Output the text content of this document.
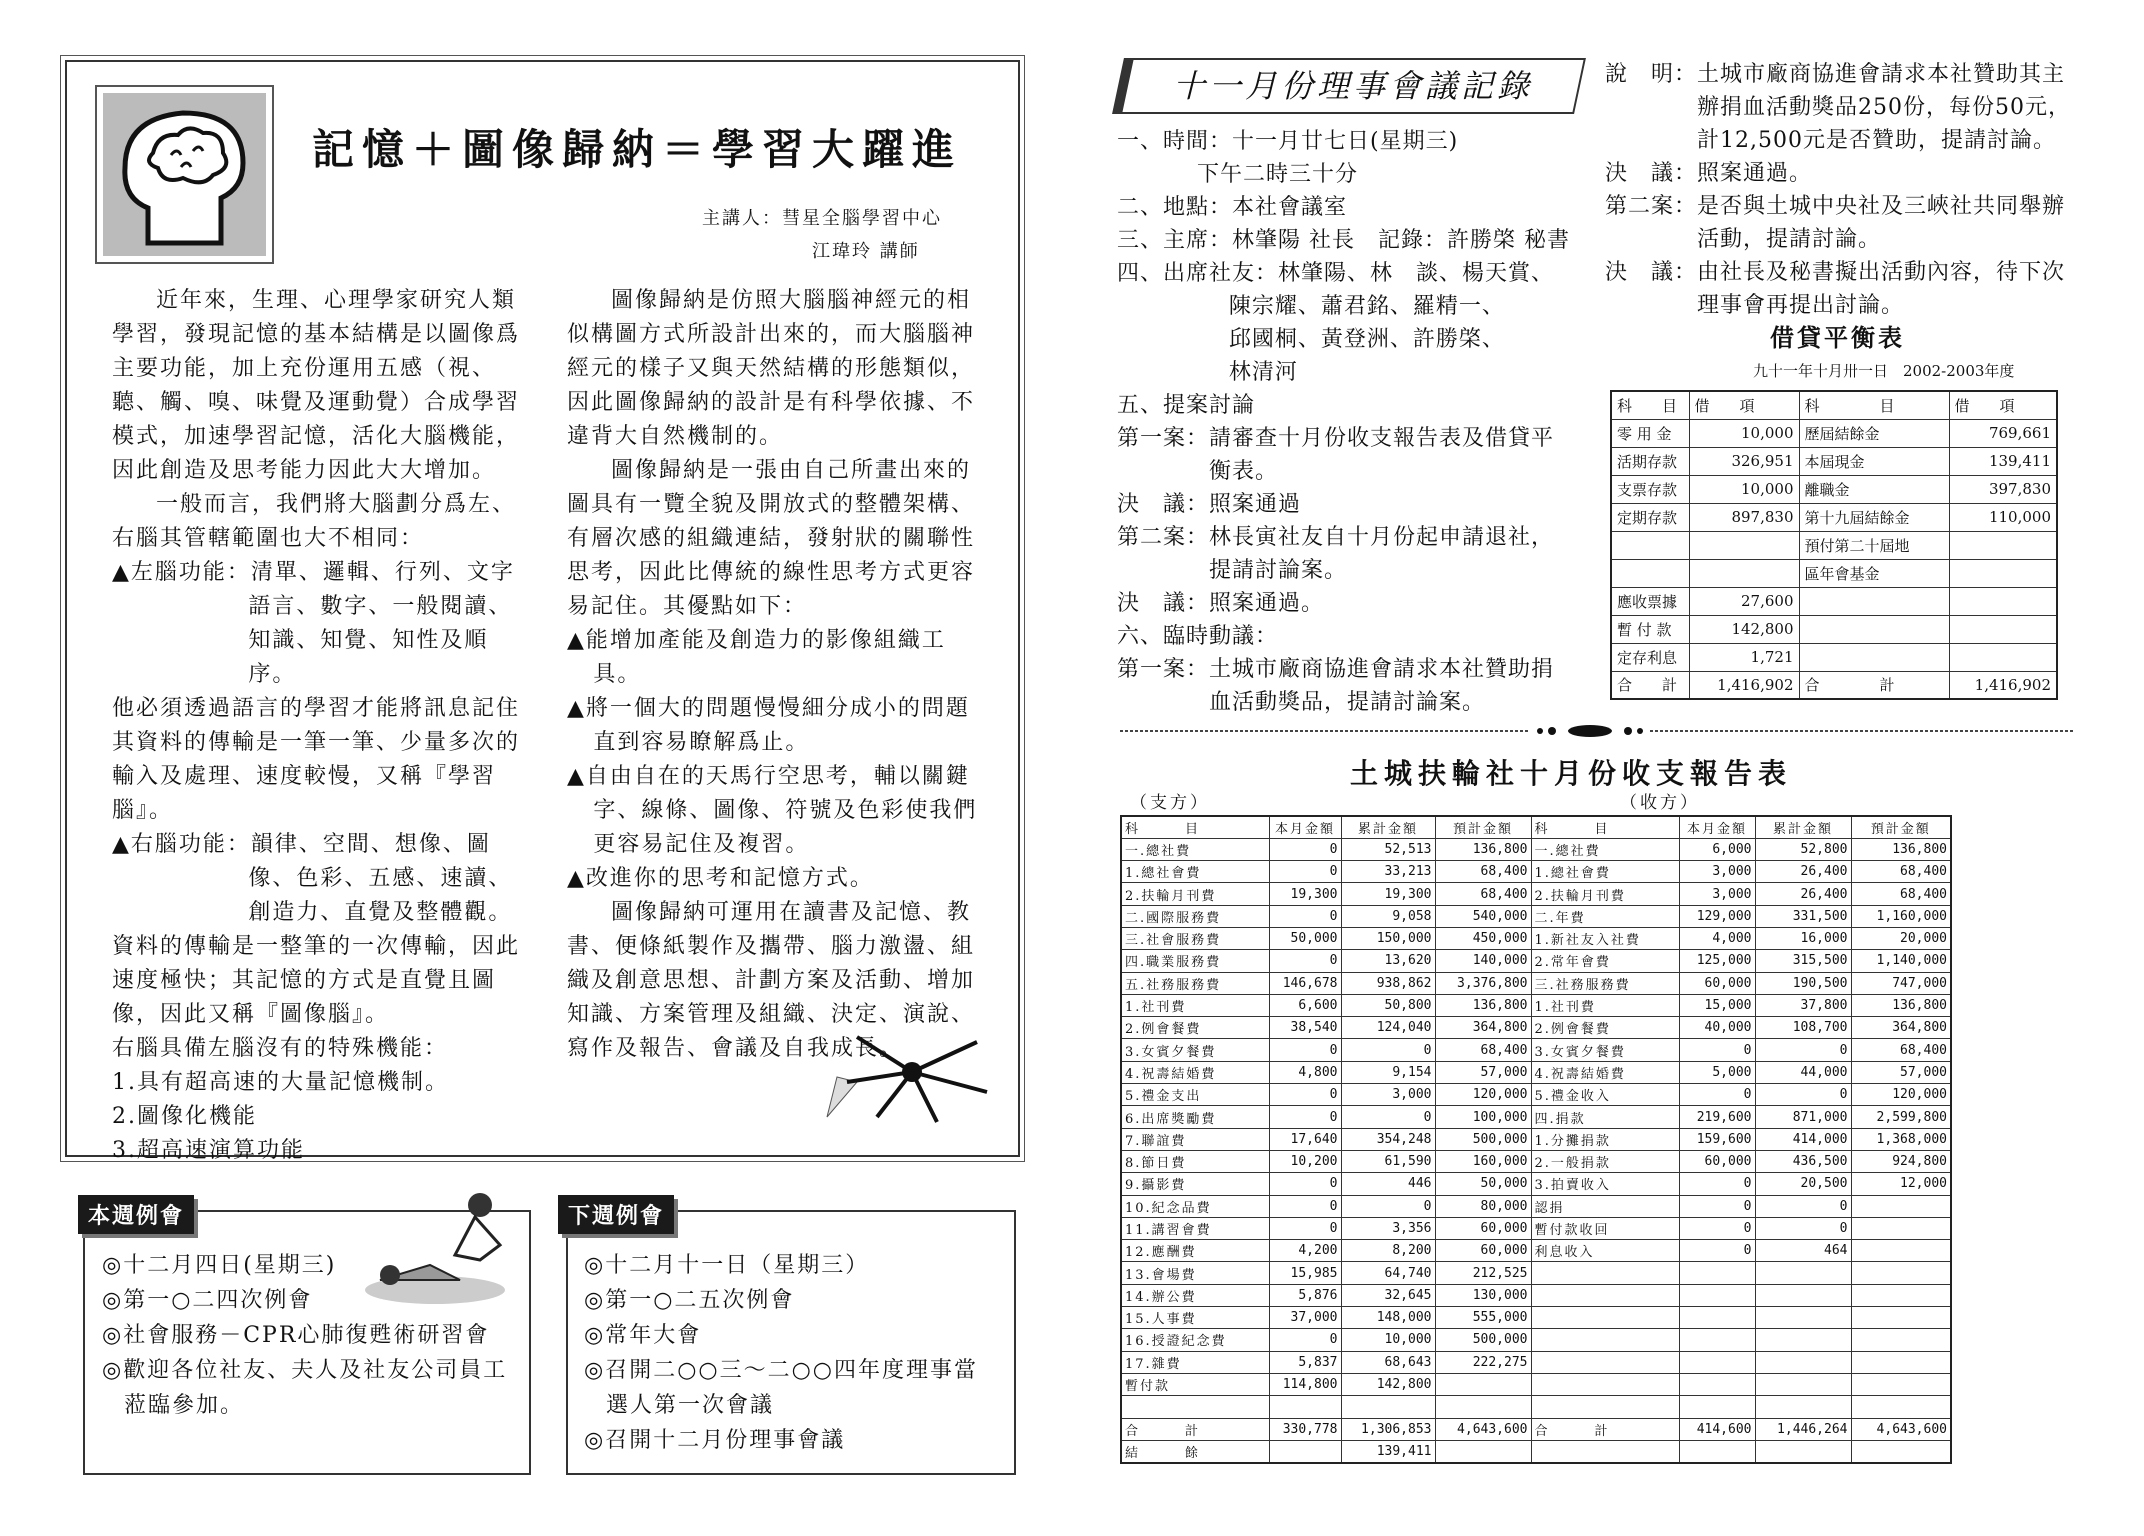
記憶＋圖像歸納＝學習大躍進
主講人：彗星全腦學習中心
江瑋玲 講師

近年來，生理、心理學家研究人類學習，發現記憶的基本結構是以圖像爲主要功能，加上充份運用五感（視、聽、觸、嗅、味覺及運動覺）合成學習模式，加速學習記憶，活化大腦機能，因此創造及思考能力因此大大增加。

一般而言，我們將大腦劃分爲左、右腦其管轄範圍也大不相同：

▲左腦功能：清單、邏輯、行列、文字語言、數字、一般閱讀、知識、知覺、知性及順序。

他必須透過語言的學習才能將訊息記住其資料的傳輸是一筆一筆、少量多次的輸入及處理、速度較慢，又稱『學習腦』。

▲右腦功能：韻律、空間、想像、圖像、色彩、五感、速讀、創造力、直覺及整體觀。

資料的傳輸是一整筆的一次傳輸，因此速度極快；其記憶的方式是直覺且圖像，因此又稱『圖像腦』。

右腦具備左腦沒有的特殊機能：

1.具有超高速的大量記憶機制。

2.圖像化機能

3.超高速演算功能

圖像歸納是仿照大腦腦神經元的相似構圖方式所設計出來的，而大腦腦神經元的樣子又與天然結構的形態類似，因此圖像歸納的設計是有科學依據、不違背大自然機制的。

圖像歸納是一張由自己所畫出來的圖具有一覽全貌及開放式的整體架構、有層次感的組織連結，發射狀的關聯性思考，因此比傳統的線性思考方式更容易記住。其優點如下：

▲能增加產能及創造力的影像組織工具。

▲將一個大的問題慢慢細分成小的問題直到容易瞭解爲止。

▲自由自在的天馬行空思考，輔以關鍵字、線條、圖像、符號及色彩使我們更容易記住及複習。

▲改進你的思考和記憶方式。

圖像歸納可運用在讀書及記憶、教書、便條紙製作及攜帶、腦力激盪、組織及創意思想、計劃方案及活動、增加知識、方案管理及組織、決定、演說、寫作及報告、會議及自我成長。

本週例會
◎十二月四日(星期三)
◎第一○二四次例會
◎社會服務－CPR心肺復甦術研習會
◎歡迎各位社友、夫人及社友公司員工
蒞臨參加。
下週例會
◎十二月十一日（星期三）
◎第一○二五次例會
◎常年大會
◎召開二○○三～二○○四年度理事當
選人第一次會議
◎召開十二月份理事會議
十一月份理事會議記錄
一、時間： 十一月廿七日(星期三)

下午二時三十分
二、地點： 本社會議室
三、主席： 林肇陽 社長　記錄：許勝棨 秘書
四、出席社友： 林肇陽、林　談、楊天賞、

陳宗耀、蕭君銘、羅精一、

邱國桐、黃登洲、許勝棨、

林清河
五、提案討論
第一案： 請審查十月份收支報告表及借貸平衡表。
決　議： 照案通過
第二案： 林長寅社友自十月份起申請退社，提請討論案。
決　議： 照案通過。
六、臨時動議：
第一案： 土城市廠商協進會請求本社贊助捐血活動獎品，提請討論案。
說　明： 土城市廠商協進會請求本社贊助其主辦捐血活動獎品250份，每份50元，計12,500元是否贊助，提請討論。
決　議： 照案通過。
第二案： 是否與土城中央社及三峽社共同舉辦活動，提請討論。
決　議： 由社長及秘書擬出活動內容，待下次理事會再提出討論。
借貸平衡表
九十一年十月卅一日　2002-2003年度
科　　目	借　　項	科　　　　目	借　　項
零 用 金	10,000	歷屆結餘金	769,661
活期存款	326,951	本屆現金	139,411
支票存款	10,000	離職金	397,830
定期存款	897,830	第十九屆結餘金	110,000
		預付第二十屆地	
		區年會基金	
應收票據	27,600		
暫 付 款	142,800		
定存利息	1,721		
合　　計	1,416,902	合　　　　計	1,416,902
土城扶輪社十月份收支報告表
（支方）	（收方）
科　　　目	本月金額	累計金額	預計金額	科　　　目	本月金額	累計金額	預計金額
一.總社費	0	52,513	136,800	一.總社費	6,000	52,800	136,800
1.總社會費	0	33,213	68,400	1.總社會費	3,000	26,400	68,400
2.扶輪月刊費	19,300	19,300	68,400	2.扶輪月刊費	3,000	26,400	68,400
二.國際服務費	0	9,058	540,000	二.年費	129,000	331,500	1,160,000
三.社會服務費	50,000	150,000	450,000	1.新社友入社費	4,000	16,000	20,000
四.職業服務費	0	13,620	140,000	2.常年會費	125,000	315,500	1,140,000
五.社務服務費	146,678	938,862	3,376,800	三.社務服務費	60,000	190,500	747,000
1.社刊費	6,600	50,800	136,800	1.社刊費	15,000	37,800	136,800
2.例會餐費	38,540	124,040	364,800	2.例會餐費	40,000	108,700	364,800
3.女賓夕餐費	0	0	68,400	3.女賓夕餐費	0	0	68,400
4.祝壽結婚費	4,800	9,154	57,000	4.祝壽結婚費	5,000	44,000	57,000
5.禮金支出	0	3,000	120,000	5.禮金收入	0	0	120,000
6.出席獎勵費	0	0	100,000	四.捐款	219,600	871,000	2,599,800
7.聯誼費	17,640	354,248	500,000	1.分攤捐款	159,600	414,000	1,368,000
8.節日費	10,200	61,590	160,000	2.一般捐款	60,000	436,500	924,800
9.攝影費	0	446	50,000	3.拍賣收入	0	20,500	12,000
10.紀念品費	0	0	80,000	認捐	0	0	
11.講習會費	0	3,356	60,000	暫付款收回	0	0	
12.應酬費	4,200	8,200	60,000	利息收入	0	464	
13.會場費	15,985	64,740	212,525				
14.辦公費	5,876	32,645	130,000				
15.人事費	37,000	148,000	555,000				
16.授證紀念費	0	10,000	500,000				
17.雜費	5,837	68,643	222,275				
暫付款	114,800	142,800					

合　　　計	330,778	1,306,853	4,643,600	合　　　計	414,600	1,446,264	4,643,600
結　　　餘		139,411					
